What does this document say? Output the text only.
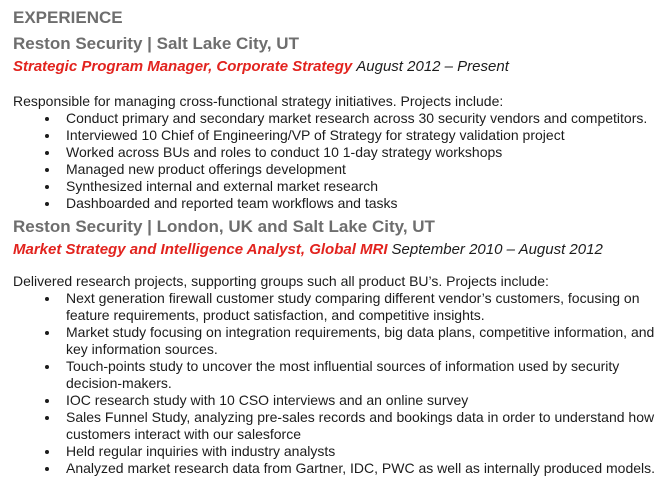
EXPERIENCE
Reston Security | Salt Lake City, UT

Strategic Program Manager, Corporate Strategy August 2012 – Present

Responsible for managing cross-functional strategy initiatives. Projects include:

• Conduct primary and secondary market research across 30 security vendors and competitors.
• Interviewed 10 Chief of Engineering/VP of Strategy for strategy validation project
• Worked across BUs and roles to conduct 10 1-day strategy workshops
• Managed new product offerings development
• Synthesized internal and external market research
• Dashboarded and reported team workflows and tasks
Reston Security | London, UK and Salt Lake City, UT

Market Strategy and Intelligence Analyst, Global MRI September 2010 – August 2012

Delivered research projects, supporting groups such all product BU’s. Projects include:

• Next generation firewall customer study comparing different vendor’s customers, focusing on feature requirements, product satisfaction, and competitive insights.
• Market study focusing on integration requirements, big data plans, competitive information, and key information sources.
• Touch-points study to uncover the most influential sources of information used by security decision-makers.
• IOC research study with 10 CSO interviews and an online survey
• Sales Funnel Study, analyzing pre-sales records and bookings data in order to understand how customers interact with our salesforce
• Held regular inquiries with industry analysts
• Analyzed market research data from Gartner, IDC, PWC as well as internally produced models.
